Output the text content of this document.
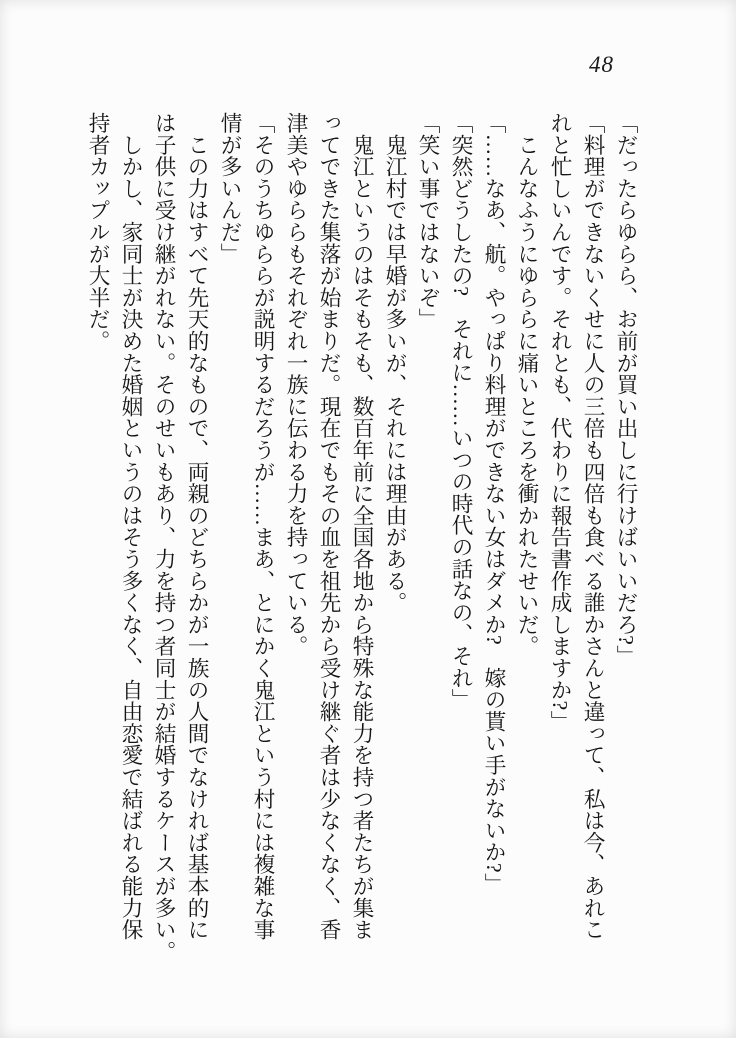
48

「だったらゆらら、お前が買い出しに行けばいいだろ?」

「料理ができないくせに人の三倍も四倍も食べる誰かさんと違って、私は今、あれこ

れと忙しいんです。それとも、代わりに報告書作成しますか?」

　こんなふうにゆららに痛いところを衝かれたせいだ。

「……なあ、航。やっぱり料理ができない女はダメか?　嫁の貰い手がないか?」

「突然どうしたの?　それに……いつの時代の話なの、それ」

「笑い事ではないぞ」

　鬼江村では早婚が多いが、それには理由がある。

　鬼江というのはそもそも、数百年前に全国各地から特殊な能力を持つ者たちが集ま

ってできた集落が始まりだ。現在でもその血を祖先から受け継ぐ者は少なくなく、香

津美やゆららもそれぞれ一族に伝わる力を持っている。

「そのうちゆららが説明するだろうが……まあ、とにかく鬼江という村には複雑な事

情が多いんだ」

　この力はすべて先天的なもので、両親のどちらかが一族の人間でなければ基本的に

は子供に受け継がれない。そのせいもあり、力を持つ者同士が結婚するケースが多い。

　しかし、家同士が決めた婚姻というのはそう多くなく、自由恋愛で結ばれる能力保

持者カップルが大半だ。
